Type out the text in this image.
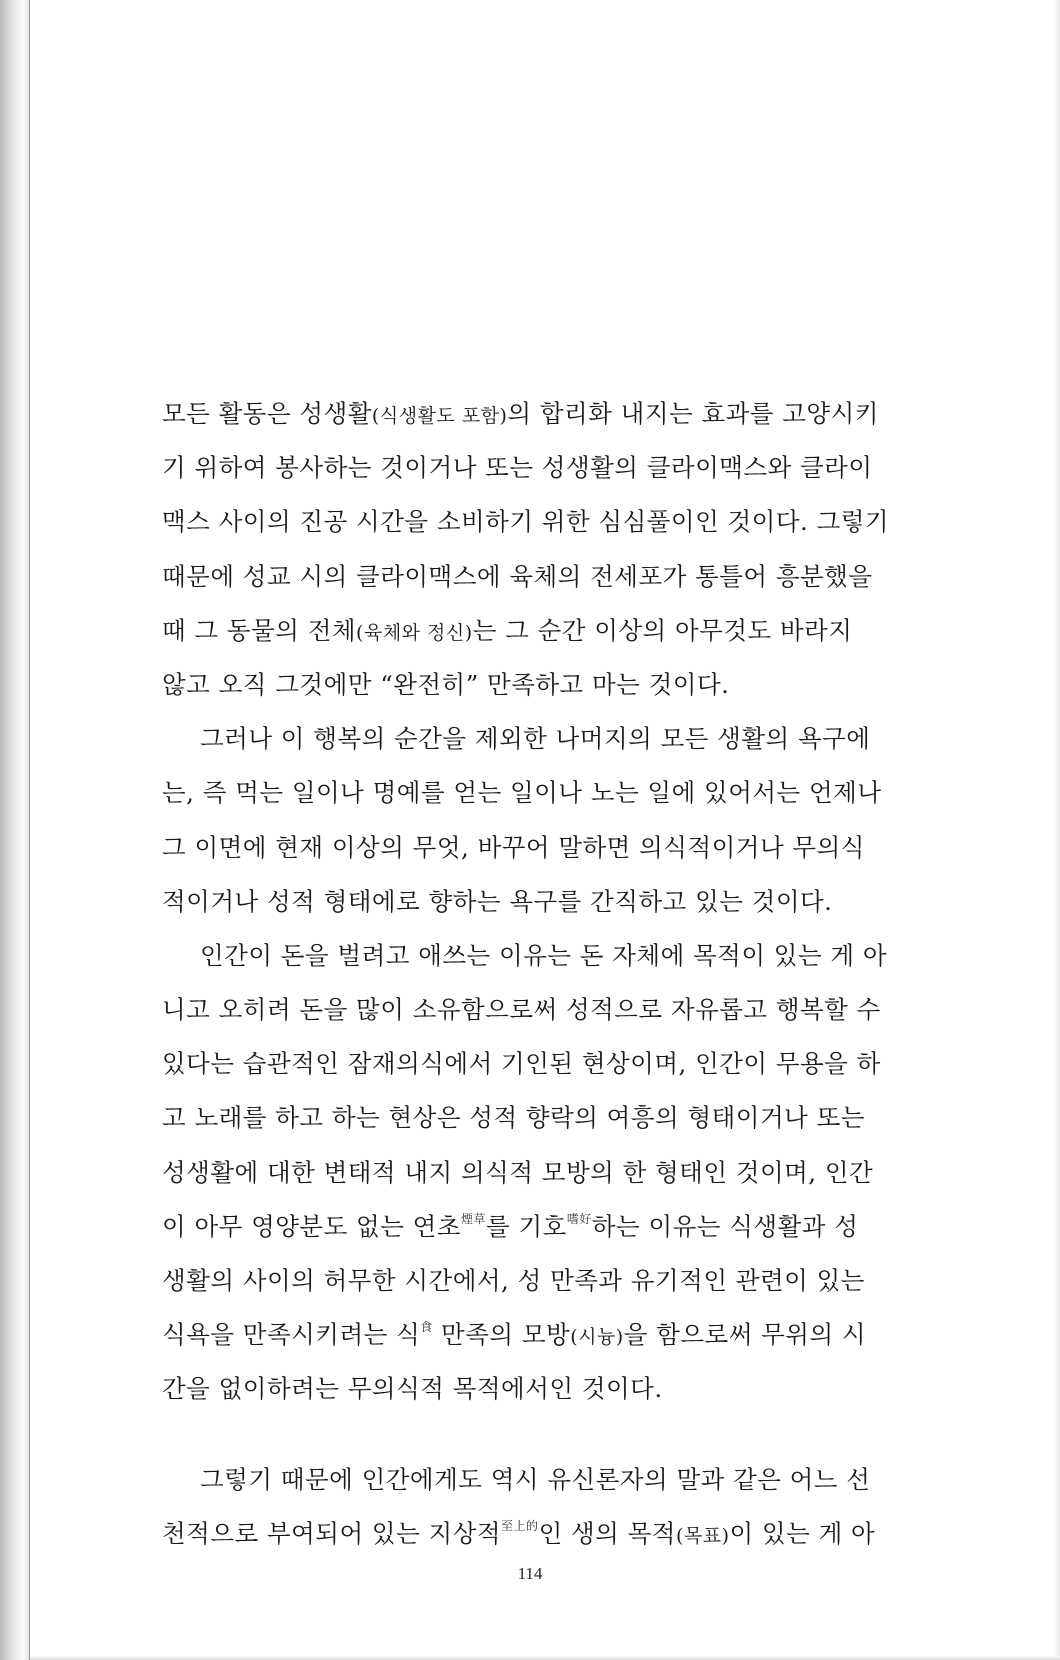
모든 활동은 성생활(식생활도 포함)의 합리화 내지는 효과를 고양시키
기 위하여 봉사하는 것이거나 또는 성생활의 클라이맥스와 클라이
맥스 사이의 진공 시간을 소비하기 위한 심심풀이인 것이다. 그렇기
때문에 성교 시의 클라이맥스에 육체의 전세포가 통틀어 흥분했을
때 그 동물의 전체(육체와 정신)는 그 순간 이상의 아무것도 바라지
않고 오직 그것에만 “완전히” 만족하고 마는 것이다.
그러나 이 행복의 순간을 제외한 나머지의 모든 생활의 욕구에
는, 즉 먹는 일이나 명예를 얻는 일이나 노는 일에 있어서는 언제나
그 이면에 현재 이상의 무엇, 바꾸어 말하면 의식적이거나 무의식
적이거나 성적 형태에로 향하는 욕구를 간직하고 있는 것이다.
인간이 돈을 벌려고 애쓰는 이유는 돈 자체에 목적이 있는 게 아
니고 오히려 돈을 많이 소유함으로써 성적으로 자유롭고 행복할 수
있다는 습관적인 잠재의식에서 기인된 현상이며, 인간이 무용을 하
고 노래를 하고 하는 현상은 성적 향락의 여흥의 형태이거나 또는
성생활에 대한 변태적 내지 의식적 모방의 한 형태인 것이며, 인간
이 아무 영양분도 없는 연초$^{煙草}$를 기호$^{嗜好}$하는 이유는 식생활과 성
생활의 사이의 허무한 시간에서, 성 만족과 유기적인 관련이 있는
식욕을 만족시키려는 식$^食$ 만족의 모방(시늉)을 함으로써 무위의 시
간을 없이하려는 무의식적 목적에서인 것이다.
그렇기 때문에 인간에게도 역시 유신론자의 말과 같은 어느 선
천적으로 부여되어 있는 지상적$^{至上的}$인 생의 목적(목표)이 있는 게 아
114
